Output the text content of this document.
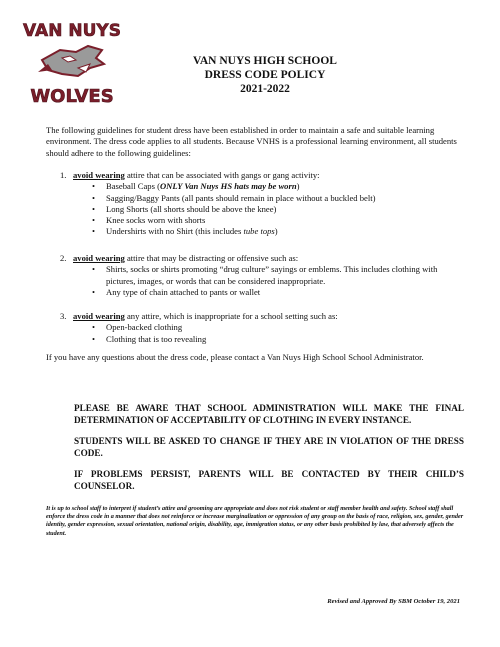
VAN NUYS
WOLVES
VAN NUYS HIGH SCHOOL
DRESS CODE POLICY
2021-2022
The following guidelines for student dress have been established in order to maintain a safe and suitable learning environment. The dress code applies to all students. Because VNHS is a professional learning environment, all students should adhere to the following guidelines:
1. avoid wearing attire that can be associated with gangs or gang activity:
• Baseball Caps (ONLY Van Nuys HS hats may be worn)
• Sagging/Baggy Pants (all pants should remain in place without a buckled belt)
• Long Shorts (all shorts should be above the knee)
• Knee socks worn with shorts
• Undershirts with no Shirt (this includes tube tops)
2. avoid wearing attire that may be distracting or offensive such as:
• Shirts, socks or shirts promoting “drug culture” sayings or emblems. This includes clothing with pictures, images, or words that can be considered inappropriate.
• Any type of chain attached to pants or wallet
3. avoid wearing any attire, which is inappropriate for a school setting such as:
• Open-backed clothing
• Clothing that is too revealing
If you have any questions about the dress code, please contact a Van Nuys High School School Administrator.
PLEASE BE AWARE THAT SCHOOL ADMINISTRATION WILL MAKE THE FINAL DETERMINATION OF ACCEPTABILITY OF CLOTHING IN EVERY INSTANCE.
STUDENTS WILL BE ASKED TO CHANGE IF THEY ARE IN VIOLATION OF THE DRESS CODE.
IF PROBLEMS PERSIST, PARENTS WILL BE CONTACTED BY THEIR CHILD’S COUNSELOR.
It is up to school staff to interpret if student’s attire and grooming are appropriate and does not risk student or staff member health and safety. School staff shall enforce the dress code in a manner that does not reinforce or increase marginalization or oppression of any group on the basis of race, religion, sex, gender, gender identity, gender expression, sexual orientation, national origin, disability, age, immigration status, or any other basis prohibited by law, that adversely affects the student.
Revised and Approved By SBM October 19, 2021
